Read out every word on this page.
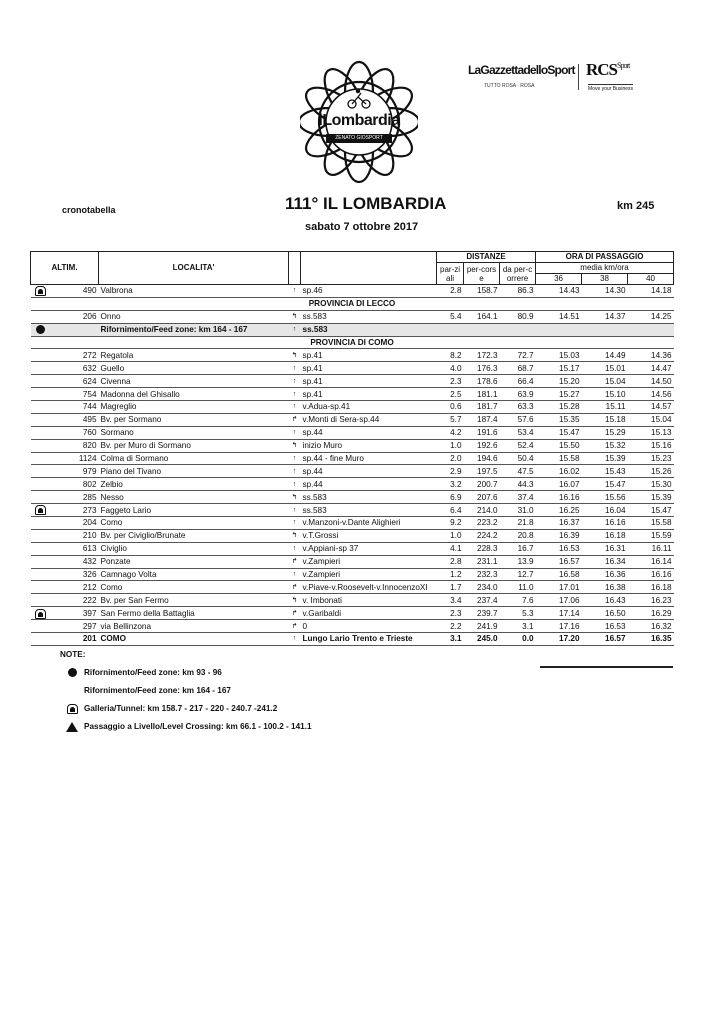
iLombardia
ZENATO GIOSPORT
LaGazzettadelloSport
TUTTO ROSA · ROSA
$RCS^{Sport}$
Move your Business
cronotabella	111° IL LOMBARDIA	km 245
sabato 7 ottobre 2017
ALTIM.		LOCALITA'			DISTANZE			ORA DI PASSAGGIO		
					par-ziali	per-corse	da per-correre	media km/ora		
								36	38	40
	490	Valbrona	↑	sp.46	2.8	158.7	86.3	14.43	14.30	14.18
PROVINCIA DI LECCO										
	206	Onno	↰	ss.583	5.4	164.1	80.9	14.51	14.37	14.25
		Rifornimento/Feed zone: km 164 - 167	↑	ss.583						
PROVINCIA DI COMO										
	272	Regatola	↰	sp.41	8.2	172.3	72.7	15.03	14.49	14.36
	632	Guello	↑	sp.41	4.0	176.3	68.7	15.17	15.01	14.47
	624	Civenna	↑	sp.41	2.3	178.6	66.4	15.20	15.04	14.50
	754	Madonna del Ghisallo	↑	sp.41	2.5	181.1	63.9	15.27	15.10	14.56
	744	Magreglio	↑	v.Adua-sp.41	0.6	181.7	63.3	15.28	15.11	14.57
	495	Bv. per Sormano	↱	v.Monti di Sera-sp.44	5.7	187.4	57.6	15.35	15.18	15.04
	760	Sormano	↑	sp.44	4.2	191.6	53.4	15.47	15.29	15.13
	820	Bv. per Muro di Sormano	↰	inizio Muro	1.0	192.6	52.4	15.50	15.32	15.16
	1124	Colma di Sormano	↑	sp.44 - fine Muro	2.0	194.6	50.4	15.58	15.39	15.23
	979	Piano del Tivano	↑	sp.44	2.9	197.5	47.5	16.02	15.43	15.26
	802	Zelbio	↑	sp.44	3.2	200.7	44.3	16.07	15.47	15.30
	285	Nesso	↰	ss.583	6.9	207.6	37.4	16.16	15.56	15.39
	273	Faggeto Lario	↑	ss.583	6.4	214.0	31.0	16.25	16.04	15.47
	204	Como	↑	v.Manzoni-v.Dante Alighieri	9.2	223.2	21.8	16.37	16.16	15.58
	210	Bv. per Civiglio/Brunate	↰	v.T.Grossi	1.0	224.2	20.8	16.39	16.18	15.59
	613	Civiglio	↑	v.Appiani-sp 37	4.1	228.3	16.7	16.53	16.31	16.11
	432	Ponzate	↱	v.Zampieri	2.8	231.1	13.9	16.57	16.34	16.14
	326	Camnago Volta	↑	v.Zampieri	1.2	232.3	12.7	16.58	16.36	16.16
	212	Como	↱	v.Piave-v.Roosevelt-v.InnocenzoXI	1.7	234.0	11.0	17.01	16.38	16.18
	222	Bv. per San Fermo	↰	v. Imbonati	3.4	237.4	7.6	17.06	16.43	16.23
	397	San Fermo della Battaglia	↱	v.Garibaldi	2.3	239.7	5.3	17.14	16.50	16.29
	297	via Bellinzona	↱	0	2.2	241.9	3.1	17.16	16.53	16.32
	201	COMO	↑	Lungo Lario Trento e Trieste	3.1	245.0	0.0	17.20	16.57	16.35
NOTE:
Rifornimento/Feed zone: km 93 - 96
Rifornimento/Feed zone: km 164 - 167
Galleria/Tunnel: km 158.7 - 217 - 220 - 240.7 -241.2
Passaggio a Livello/Level Crossing: km 66.1 - 100.2 - 141.1
